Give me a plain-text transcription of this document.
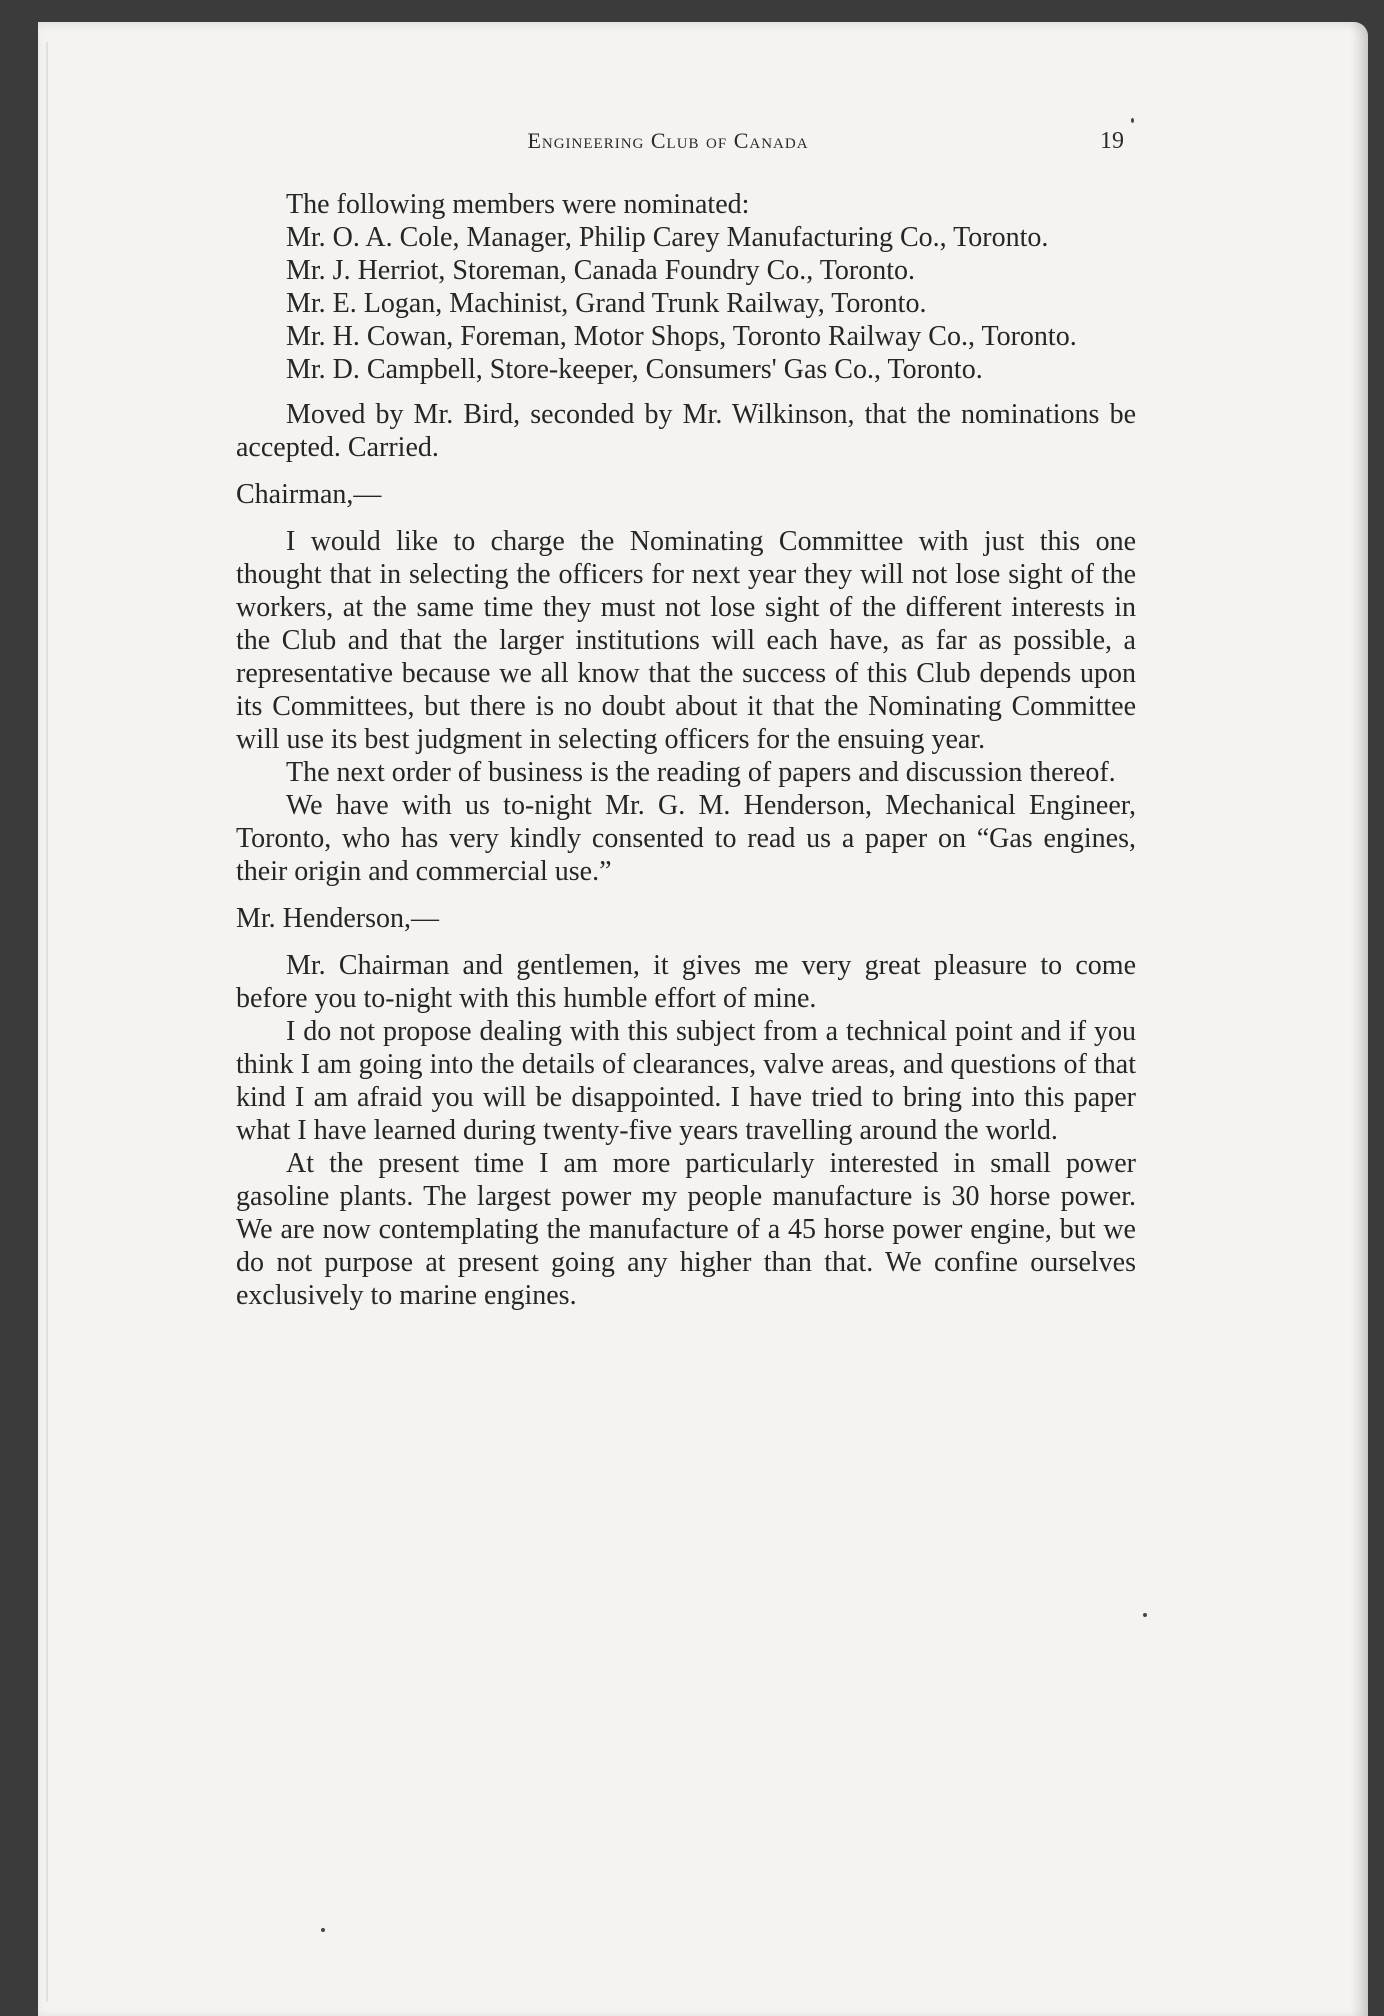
Engineering Club of Canada	19

The following members were nominated:

Mr. O. A. Cole, Manager, Philip Carey Manufacturing Co., Toronto.

Mr. J. Herriot, Storeman, Canada Foundry Co., Toronto.

Mr. E. Logan, Machinist, Grand Trunk Railway, Toronto.

Mr. H. Cowan, Foreman, Motor Shops, Toronto Railway Co., Toronto.

Mr. D. Campbell, Store-keeper, Consumers' Gas Co., Toronto.

Moved by Mr. Bird, seconded by Mr. Wilkinson, that the nominations be accepted. Carried.

Chairman,—

I would like to charge the Nominating Committee with just this one thought that in selecting the officers for next year they will not lose sight of the workers, at the same time they must not lose sight of the different interests in the Club and that the larger institutions will each have, as far as possible, a representative because we all know that the success of this Club depends upon its Committees, but there is no doubt about it that the Nominating Committee will use its best judgment in selecting officers for the ensuing year.

The next order of business is the reading of papers and discussion thereof.

We have with us to-night Mr. G. M. Henderson, Mechanical Engineer, Toronto, who has very kindly consented to read us a paper on “Gas engines, their origin and commercial use.”

Mr. Henderson,—

Mr. Chairman and gentlemen, it gives me very great pleasure to come before you to-night with this humble effort of mine.

I do not propose dealing with this subject from a technical point and if you think I am going into the details of clearances, valve areas, and questions of that kind I am afraid you will be disappointed. I have tried to bring into this paper what I have learned during twenty-five years travelling around the world.

At the present time I am more particularly interested in small power gasoline plants. The largest power my people manufacture is 30 horse power. We are now contemplating the manufacture of a 45 horse power engine, but we do not purpose at present going any higher than that. We confine ourselves exclusively to marine engines.
